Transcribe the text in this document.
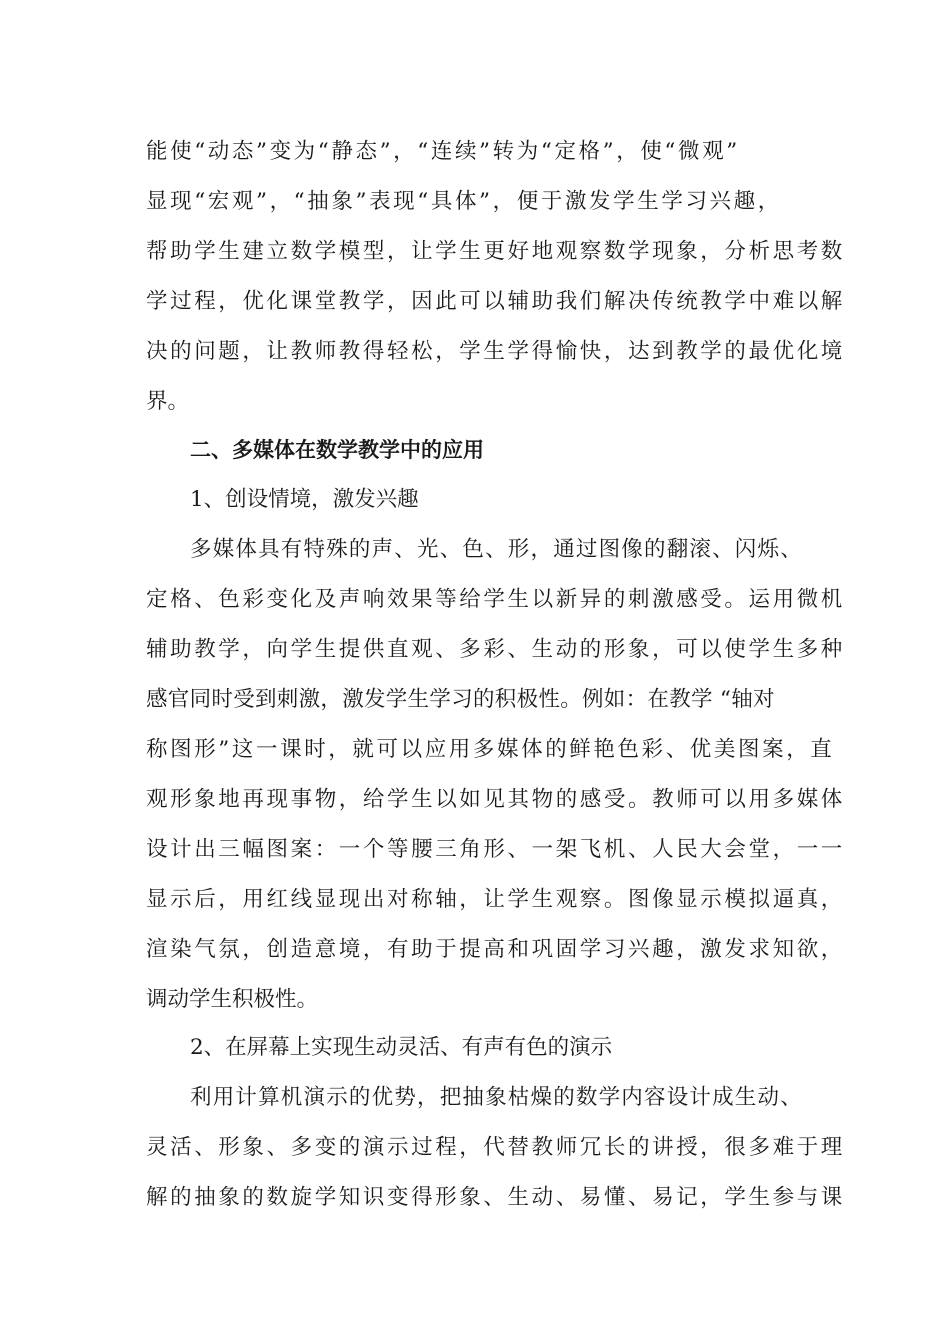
能使“动态”变为“静态”，“连续”转为“定格”，使“微观”
显现“宏观”，“抽象”表现“具体”，便于激发学生学习兴趣，
帮助学生建立数学模型，让学生更好地观察数学现象，分析思考数
学过程，优化课堂教学，因此可以辅助我们解决传统教学中难以解
决的问题，让教师教得轻松，学生学得愉快，达到教学的最优化境
界。
二、多媒体在数学教学中的应用
1、创设情境，激发兴趣
多媒体具有特殊的声、光、色、形，通过图像的翻滚、闪烁、
定格、色彩变化及声响效果等给学生以新异的刺激感受。运用微机
辅助教学，向学生提供直观、多彩、生动的形象，可以使学生多种
感官同时受到刺激，激发学生学习的积极性。例如：在教学 “轴对
称图形”这一课时，就可以应用多媒体的鲜艳色彩、优美图案，直
观形象地再现事物，给学生以如见其物的感受。教师可以用多媒体
设计出三幅图案：一个等腰三角形、一架飞机、人民大会堂，一一
显示后，用红线显现出对称轴，让学生观察。图像显示模拟逼真，
渲染气氛，创造意境，有助于提高和巩固学习兴趣，激发求知欲，
调动学生积极性。
2、在屏幕上实现生动灵活、有声有色的演示
利用计算机演示的优势，把抽象枯燥的数学内容设计成生动、
灵活、形象、多变的演示过程，代替教师冗长的讲授，很多难于理
解的抽象的数旋学知识变得形象、生动、易懂、易记，学生参与课
